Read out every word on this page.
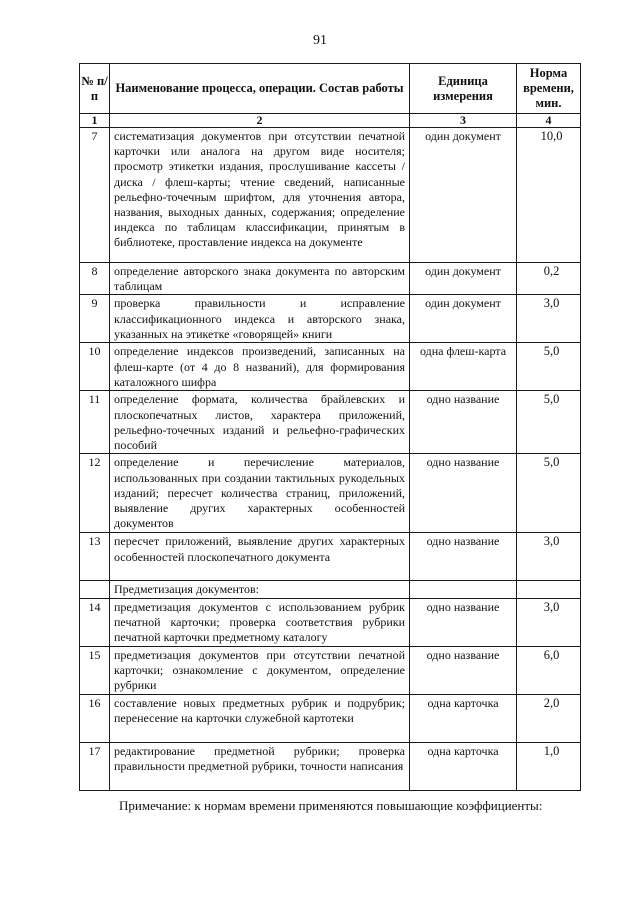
91
№ п/п	Наименование процесса, операции. Состав работы	Единица измерения	Норма времени, мин.
1	2	3	4
7	систематизация документов при отсутствии печатной карточки или аналога на другом виде носителя; просмотр этикетки издания, прослушивание кассеты / диска / флеш-карты; чтение сведений, написанные рельефно-точечным шрифтом, для уточнения автора, названия, выходных данных, содержания; определение индекса по таблицам классификации, принятым в библиотеке, проставление индекса на документе	один документ	10,0
8	определение авторского знака документа по авторским таблицам	один документ	0,2
9	проверка правильности и исправление классификационного индекса и авторского знака, указанных на этикетке «говорящей» книги	один документ	3,0
10	определение индексов произведений, записанных на флеш-карте (от 4 до 8 названий), для формирования каталожного шифра	одна флеш-карта	5,0
11	определение формата, количества брайлевских и плоскопечатных листов, характера приложений, рельефно-точечных изданий и рельефно-графических пособий	одно название	5,0
12	определение и перечисление материалов, использованных при создании тактильных рукодельных изданий; пересчет количества страниц, приложений, выявление других характерных особенностей документов	одно название	5,0
13	пересчет приложений, выявление других характерных особенностей плоскопечатного документа	одно название	3,0
	Предметизация документов:		
14	предметизация документов с использованием рубрик печатной карточки; проверка соответствия рубрики печатной карточки предметному каталогу	одно название	3,0
15	предметизация документов при отсутствии печатной карточки; ознакомление с документом, определение рубрики	одно название	6,0
16	составление новых предметных рубрик и подрубрик; перенесение на карточки служебной картотеки	одна карточка	2,0
17	редактирование предметной рубрики; проверка правильности предметной рубрики, точности написания	одна карточка	1,0
Примечание: к нормам времени применяются повышающие коэффициенты:
